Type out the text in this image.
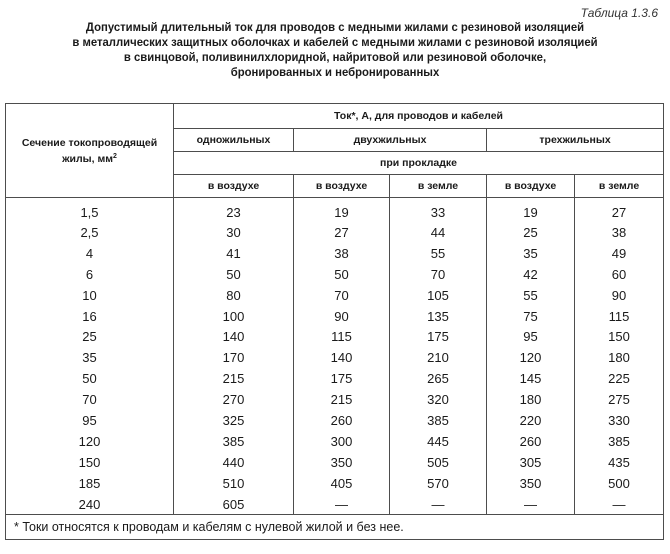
Таблица 1.3.6
Допустимый длительный ток для проводов с медными жилами с резиновой изоляцией
в металлических защитных оболочках и кабелей с медными жилами с резиновой изоляцией
в свинцовой, поливинилхлоридной, найритовой или резиновой оболочке,
бронированных и небронированных
Сечение токопроводящей жилы, $мм^2$	Ток*, А, для проводов и кабелей				
	одножильных	двухжильных		трехжильных	
	при прокладке				
	в воздухе	в воздухе	в земле	в воздухе	в земле
1,5	23	19	33	19	27
2,5	30	27	44	25	38
4	41	38	55	35	49
6	50	50	70	42	60
10	80	70	105	55	90
16	100	90	135	75	115
25	140	115	175	95	150
35	170	140	210	120	180
50	215	175	265	145	225
70	270	215	320	180	275
95	325	260	385	220	330
120	385	300	445	260	385
150	440	350	505	305	435
185	510	405	570	350	500
240	605	—	—	—	—
* Токи относятся к проводам и кабелям с нулевой жилой и без нее.					
